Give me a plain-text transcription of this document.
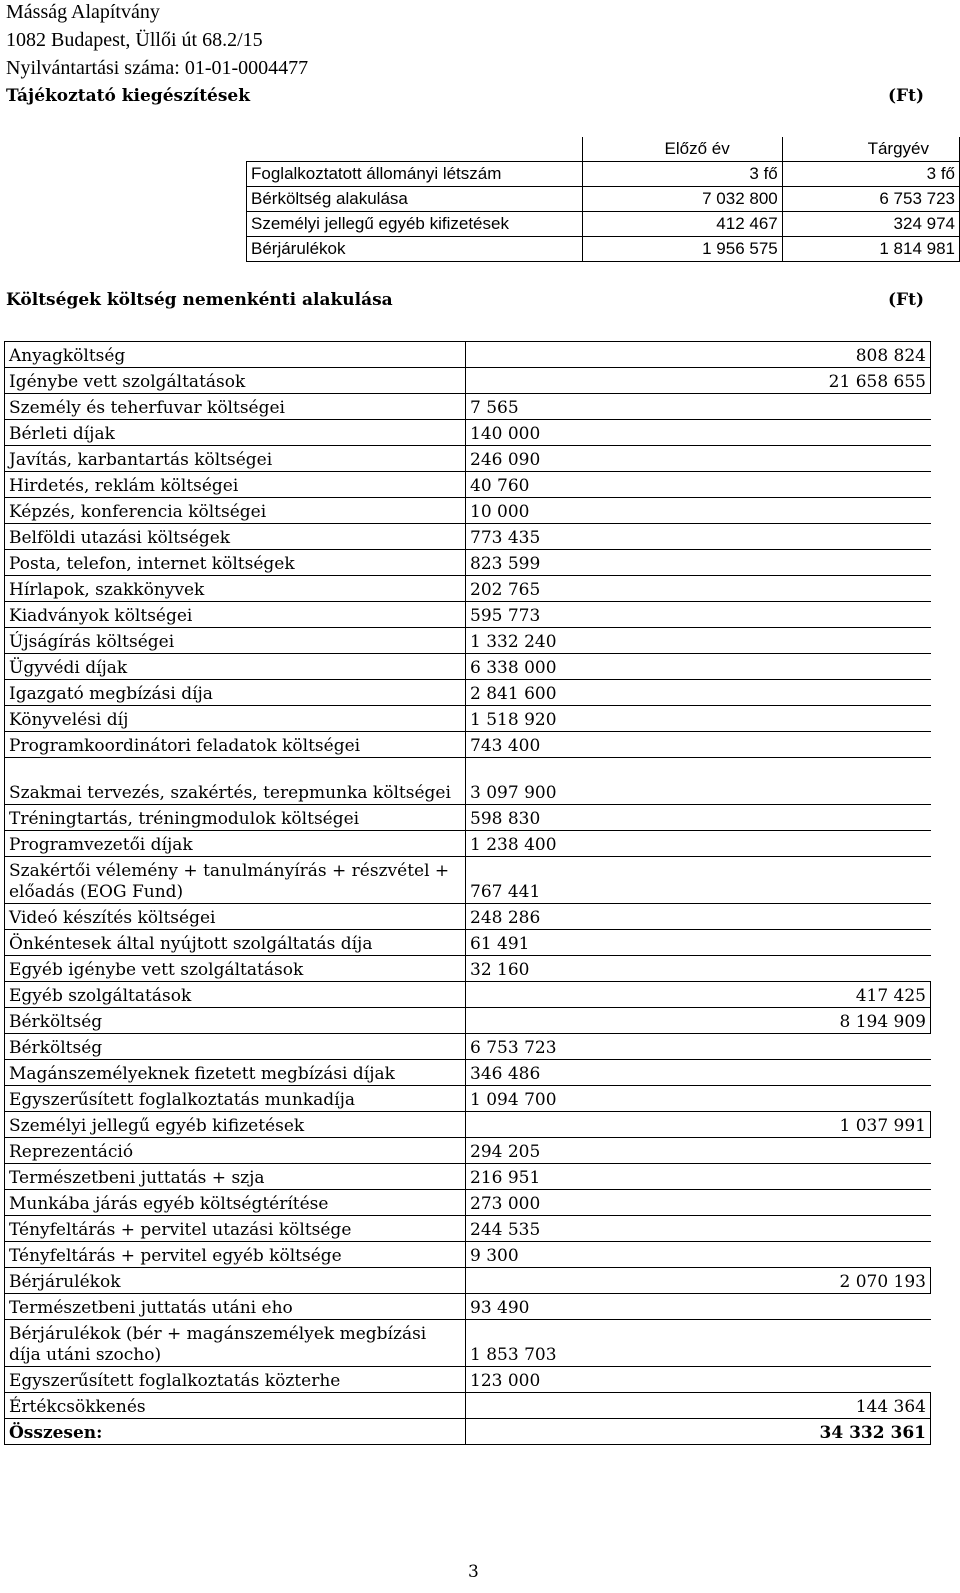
Másság Alapítvány
1082 Budapest, Üllői út 68.2/15
Nyilvántartási száma: 01-01-0004477
Tájékoztató kiegészítések	(Ft)
	Előző év	Tárgyév
Foglalkoztatott állományi létszám	3 fő	3 fő
Bérköltség alakulása	7 032 800	6 753 723
Személyi jellegű egyéb kifizetések	412 467	324 974
Bérjárulékok	1 956 575	1 814 981
Költségek költség nemenkénti alakulása	(Ft)
Anyagköltség	808 824
Igénybe vett szolgáltatások	21 658 655
Személy és teherfuvar költségei	7 565
Bérleti díjak	140 000
Javítás, karbantartás költségei	246 090
Hirdetés, reklám költségei	40 760
Képzés, konferencia költségei	10 000
Belföldi utazási költségek	773 435
Posta, telefon, internet költségek	823 599
Hírlapok, szakkönyvek	202 765
Kiadványok költségei	595 773
Újságírás költségei	1 332 240
Ügyvédi díjak	6 338 000
Igazgató megbízási díja	2 841 600
Könyvelési díj	1 518 920
Programkoordinátori feladatok költségei	743 400
Szakmai tervezés, szakértés, terepmunka költségei	3 097 900
Tréningtartás, tréningmodulok költségei	598 830
Programvezetői díjak	1 238 400
Szakértői vélemény + tanulmányírás + részvétel + előadás (EOG Fund)	767 441
Videó készítés költségei	248 286
Önkéntesek által nyújtott szolgáltatás díja	61 491
Egyéb igénybe vett szolgáltatások	32 160
Egyéb szolgáltatások	417 425
Bérköltség	8 194 909
Bérköltség	6 753 723
Magánszemélyeknek fizetett megbízási díjak	346 486
Egyszerűsített foglalkoztatás munkadíja	1 094 700
Személyi jellegű egyéb kifizetések	1 037 991
Reprezentáció	294 205
Természetbeni juttatás + szja	216 951
Munkába járás egyéb költségtérítése	273 000
Tényfeltárás + pervitel utazási költsége	244 535
Tényfeltárás + pervitel egyéb költsége	9 300
Bérjárulékok	2 070 193
Természetbeni juttatás utáni eho	93 490
Bérjárulékok (bér + magánszemélyek megbízási díja utáni szocho)	1 853 703
Egyszerűsített foglalkoztatás közterhe	123 000
Értékcsökkenés	144 364
Összesen:	34 332 361
3
